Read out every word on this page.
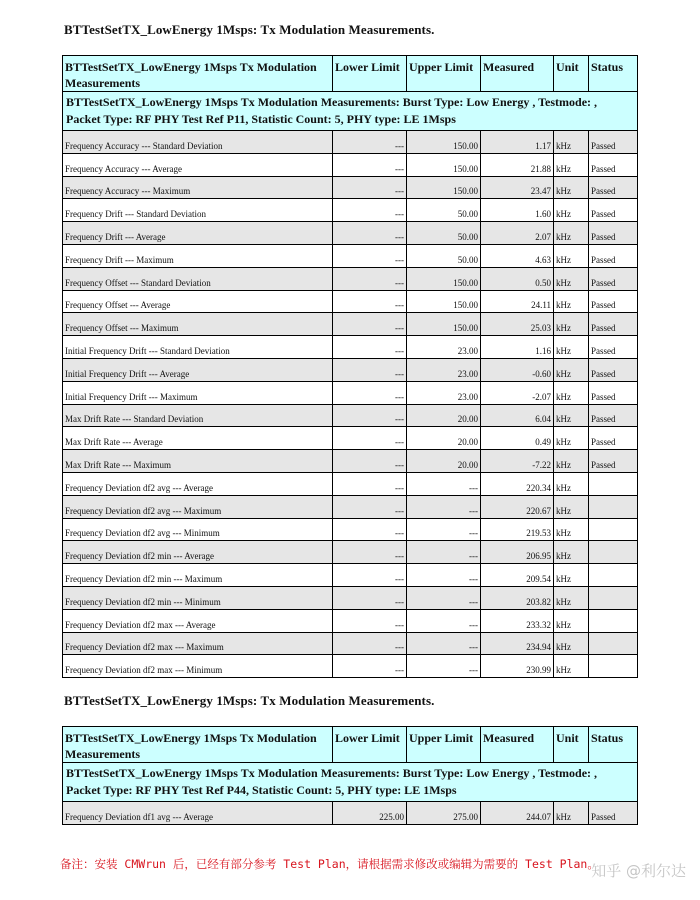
BTTestSetTX_LowEnergy 1Msps: Tx Modulation Measurements.
BTTestSetTX_LowEnergy 1Msps Tx Modulation Measurements	Lower Limit	Upper Limit	Measured	Unit	Status
BTTestSetTX_LowEnergy 1Msps Tx Modulation Measurements: Burst Type: Low Energy , Testmode: , Packet Type: RF PHY Test Ref P11, Statistic Count: 5, PHY type: LE 1Msps					
Frequency Accuracy --- Standard Deviation	---	150.00	1.17	kHz	Passed
Frequency Accuracy --- Average	---	150.00	21.88	kHz	Passed
Frequency Accuracy --- Maximum	---	150.00	23.47	kHz	Passed
Frequency Drift --- Standard Deviation	---	50.00	1.60	kHz	Passed
Frequency Drift --- Average	---	50.00	2.07	kHz	Passed
Frequency Drift --- Maximum	---	50.00	4.63	kHz	Passed
Frequency Offset --- Standard Deviation	---	150.00	0.50	kHz	Passed
Frequency Offset --- Average	---	150.00	24.11	kHz	Passed
Frequency Offset --- Maximum	---	150.00	25.03	kHz	Passed
Initial Frequency Drift --- Standard Deviation	---	23.00	1.16	kHz	Passed
Initial Frequency Drift --- Average	---	23.00	-0.60	kHz	Passed
Initial Frequency Drift --- Maximum	---	23.00	-2.07	kHz	Passed
Max Drift Rate --- Standard Deviation	---	20.00	6.04	kHz	Passed
Max Drift Rate --- Average	---	20.00	0.49	kHz	Passed
Max Drift Rate --- Maximum	---	20.00	-7.22	kHz	Passed
Frequency Deviation df2 avg --- Average	---	---	220.34	kHz	
Frequency Deviation df2 avg --- Maximum	---	---	220.67	kHz	
Frequency Deviation df2 avg --- Minimum	---	---	219.53	kHz	
Frequency Deviation df2 min --- Average	---	---	206.95	kHz	
Frequency Deviation df2 min --- Maximum	---	---	209.54	kHz	
Frequency Deviation df2 min --- Minimum	---	---	203.82	kHz	
Frequency Deviation df2 max --- Average	---	---	233.32	kHz	
Frequency Deviation df2 max --- Maximum	---	---	234.94	kHz	
Frequency Deviation df2 max --- Minimum	---	---	230.99	kHz	
BTTestSetTX_LowEnergy 1Msps: Tx Modulation Measurements.
BTTestSetTX_LowEnergy 1Msps Tx Modulation Measurements	Lower Limit	Upper Limit	Measured	Unit	Status
BTTestSetTX_LowEnergy 1Msps Tx Modulation Measurements: Burst Type: Low Energy , Testmode: , Packet Type: RF PHY Test Ref P44, Statistic Count: 5, PHY type: LE 1Msps					
Frequency Deviation df1 avg --- Average	225.00	275.00	244.07	kHz	Passed
备注：安装 CMWrun 后，已经有部分参考 Test Plan，请根据需求修改或编辑为需要的 Test Plan。
知乎 @利尔达
